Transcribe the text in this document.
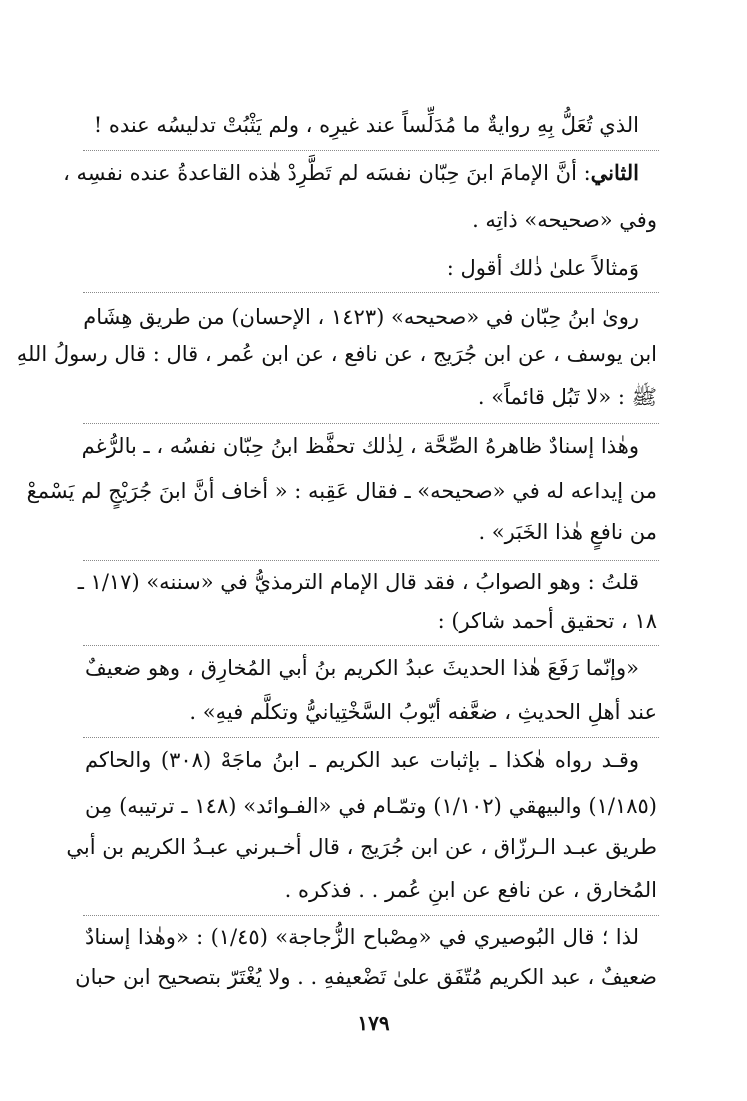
الذي تُعَلُّ بِهِ روايةٌ ما مُدَلِّساً عند غيرِه ، ولم يَثْبُتْ تدليسُه عنده !
الثاني: أنَّ الإمامَ ابنَ حِبّان نفسَه لم تَطَّرِدْ هٰذه القاعدةُ عنده نفسِه ،
وفي «صحيحه» ذاتِه .
وَمثالاً علىٰ ذٰلك أقول :
رویٰ ابنُ حِبّان في «صحيحه» (١٤٢٣ ، الإحسان) من طريق هِشَام
ابن يوسف ، عن ابن جُرَيج ، عن نافع ، عن ابن عُمر ، قال : قال رسولُ اللهِ
ﷺ : «لا تَبُل قائماً» .
وهٰذا إسنادٌ ظاهرهُ الصِّحَّة ، لِذٰلك تحفَّظ ابنُ حِبّان نفسُه ، ـ بالرُّغم
من إيداعه له في «صحيحه» ـ فقال عَقِبه : « أخاف أنَّ ابنَ جُرَيْجٍ لم يَسْمعْ
من نافعٍ هٰذا الخَبَر» .
قلتُ : وهو الصوابُ ، فقد قال الإمام الترمذيُّ في «سننه» (١/١٧ ـ
١٨ ، تحقيق أحمد شاكر) :
«وإنّما رَفَعَ هٰذا الحديثَ عبدُ الكريم بنُ أبي المُخارِق ، وهو ضعيفٌ
عند أهلِ الحديثِ ، ضعَّفه أيّوبُ السَّخْتِيانيُّ وتكلَّم فيهِ» .
وقـد رواه هٰكذا ـ بإثبات عبد الكريم ـ ابنُ ماجَهْ (٣٠٨) والحاكم
(١/١٨٥) والبيهقي (١/١٠٢) وتمّـام في «الفـوائد» (١٤٨ ـ ترتيبه) مِن
طريق عبـد الـرزّاق ، عن ابن جُرَيج ، قال أخـبرني عبـدُ الكريم بن أبي
المُخارق ، عن نافع عن ابنِ عُمر . . فذكره .
لذا ؛ قال البُوصيري في «مِصْباح الزُّجاجة» (١/٤٥) : «وهٰذا إسنادٌ
ضعيفٌ ، عبد الكريم مُتّفَق علىٰ تَضْعيفهِ . . ولا يُغْتَرّ بتصحيح ابن حبان
١٧٩
